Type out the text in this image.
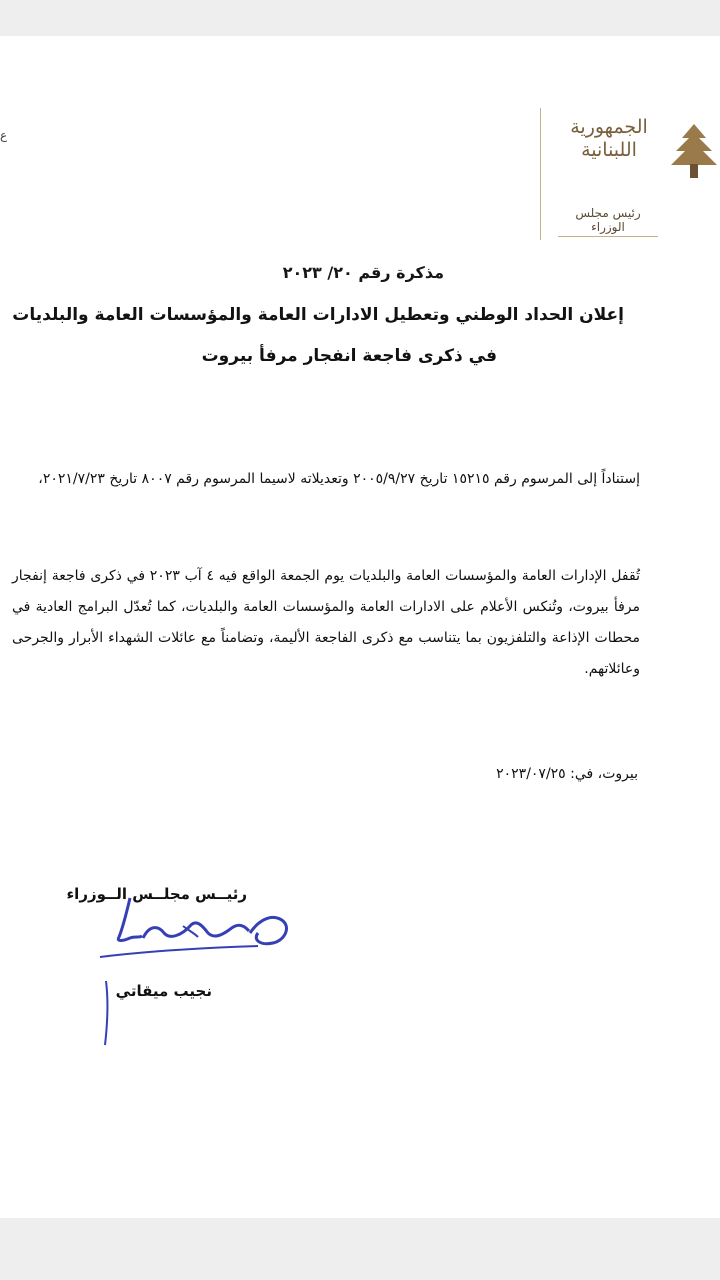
ع	الجمهورية اللبنانية
رئيس مجلس الوزراء
مذكرة رقم ٢٠/ ٢٠٢٣
إعلان الحداد الوطني وتعطيل الادارات العامة والمؤسسات العامة والبلديات
في ذكرى فاجعة انفجار مرفأ بيروت
إستناداً إلى المرسوم رقم ١٥٢١٥ تاريخ ٢٠٠٥/٩/٢٧ وتعديلاته لاسيما المرسوم رقم ٨٠٠٧ تاريخ ٢٠٢١/٧/٢٣،
تُقفل الإدارات العامة والمؤسسات العامة والبلديات يوم الجمعة الواقع فيه ٤ آب ٢٠٢٣ في ذكرى فاجعة إنفجار مرفأ بيروت، وتُنكس الأعلام على الادارات العامة والمؤسسات العامة والبلديات، كما تُعدّل البرامج العادية في محطات الإذاعة والتلفزيون بما يتناسب مع ذكرى الفاجعة الأليمة، وتضامناً مع عائلات الشهداء الأبرار والجرحى وعائلاتهم.
بيروت، في: ٢٠٢٣/٠٧/٢٥
رئيــس مجلــس الــوزراء
نجيب ميقاتي
